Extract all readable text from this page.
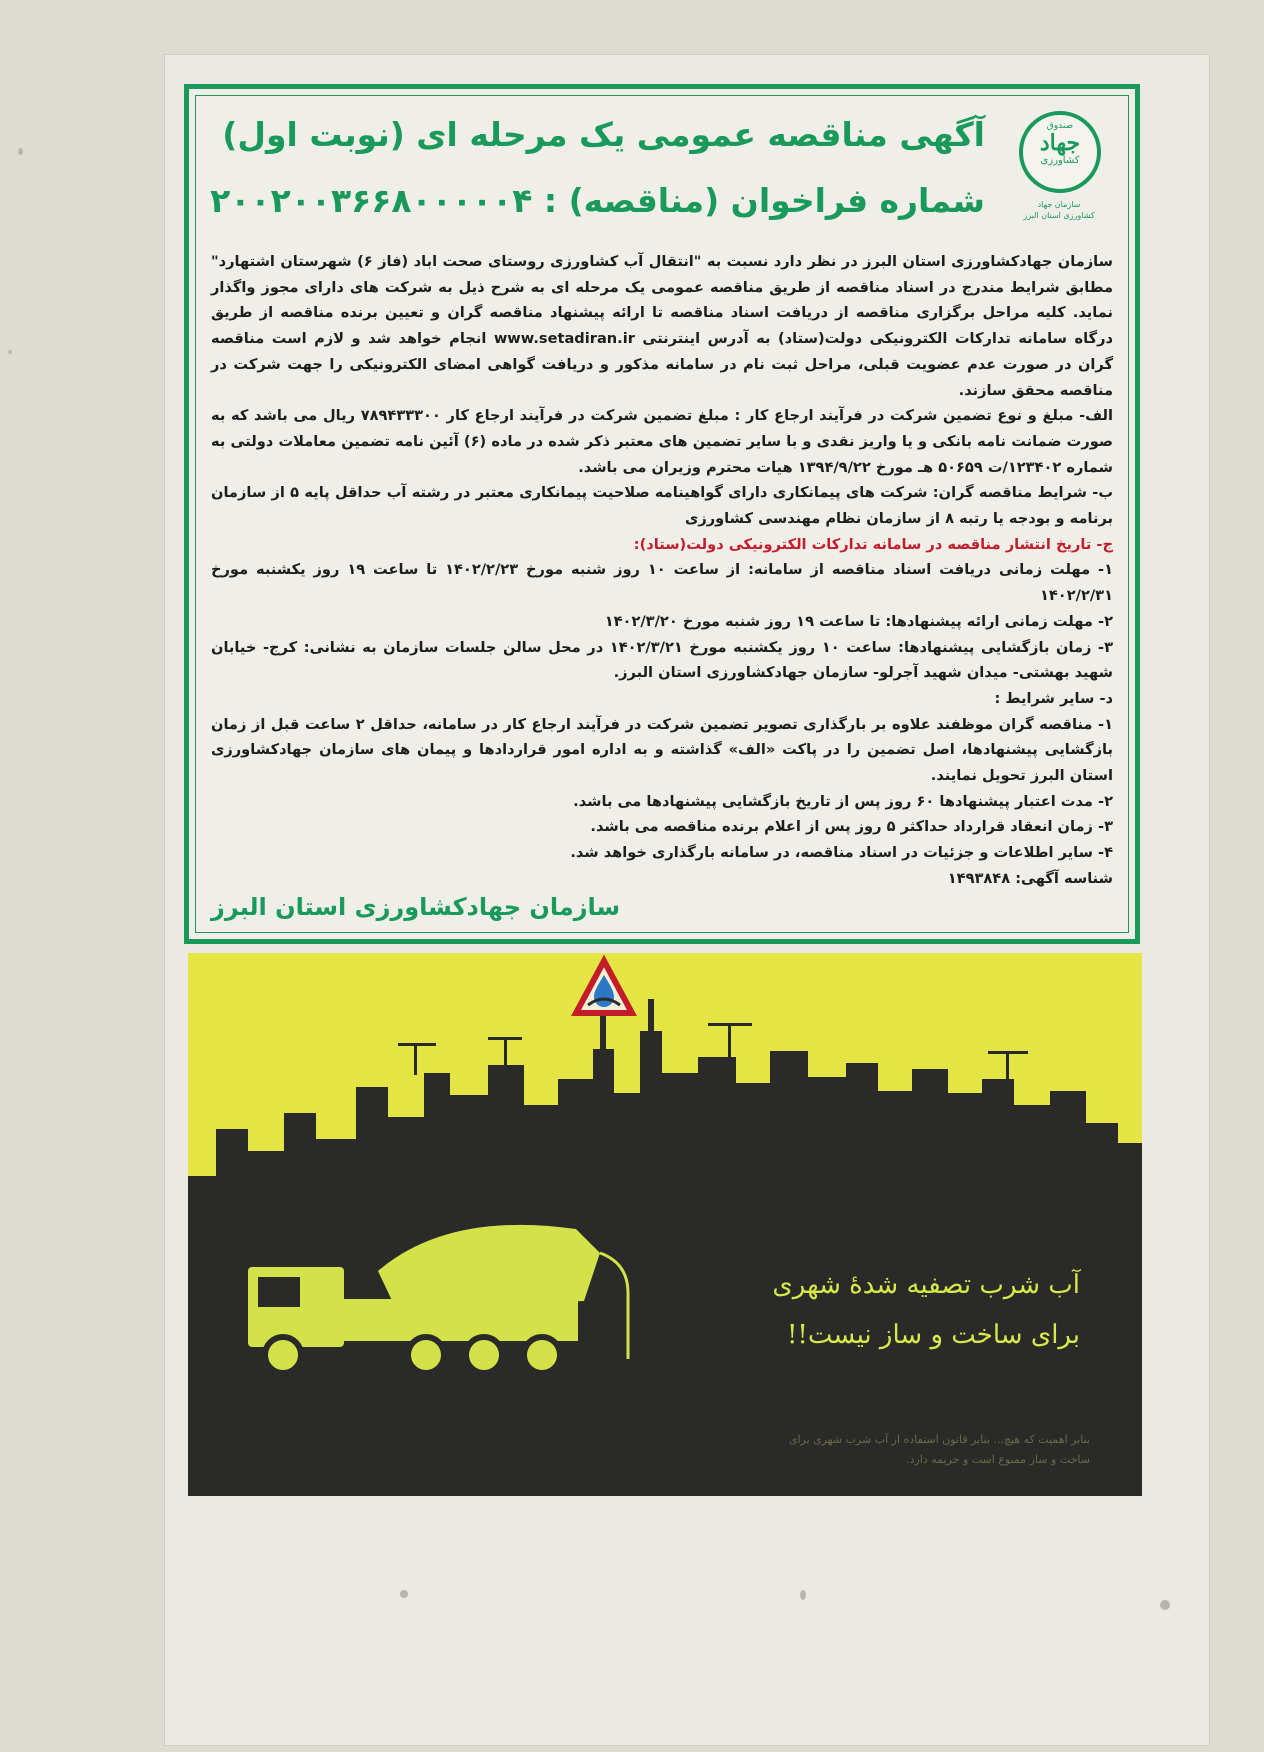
صندوق
جهاد
کشاورزی
سازمان جهاد کشاورزی استان البرز
آگهی مناقصه عمومی یک مرحله ای (نوبت اول)
شماره فراخوان (مناقصه) : ۲۰۰۲۰۰۳۶۶۸۰۰۰۰۰۴

سازمان جهادکشاورزی استان البرز در نظر دارد نسبت به "انتقال آب کشاورزی روستای صحت اباد (فاز ۶) شهرستان اشتهارد" مطابق شرایط مندرج در اسناد مناقصه از طریق مناقصه عمومی یک مرحله ای به شرح ذیل به شرکت های دارای مجوز واگذار نماید. کلیه مراحل برگزاری مناقصه از دریافت اسناد مناقصه تا ارائه پیشنهاد مناقصه گران و تعیین برنده مناقصه از طریق درگاه سامانه تدارکات الکترونیکی دولت(ستاد) به آدرس اینترنتی www.setadiran.ir انجام خواهد شد و لازم است مناقصه گران در صورت عدم عضویت قبلی، مراحل ثبت نام در سامانه مذکور و دریافت گواهی امضای الکترونیکی را جهت شرکت در مناقصه محقق سازند.

الف- مبلغ و نوع تضمین شرکت در فرآیند ارجاع کار : مبلغ تضمین شرکت در فرآیند ارجاع کار ۷۸۹۴۳۳۳۰۰ ریال می باشد که به صورت ضمانت نامه بانکی و یا واریز نقدی و با سایر تضمین های معتبر ذکر شده در ماده (۶) آئین نامه تضمین معاملات دولتی به شماره ۱۲۳۴۰۲/ت ۵۰۶۵۹ هـ مورخ ۱۳۹۴/۹/۲۲ هیات محترم وزیران می باشد.

ب- شرایط مناقصه گران: شرکت های پیمانکاری دارای گواهینامه صلاحیت پیمانکاری معتبر در رشته آب حداقل پایه ۵ از سازمان برنامه و بودجه یا رتبه ۸ از سازمان نظام مهندسی کشاورزی

ج- تاریخ انتشار مناقصه در سامانه تدارکات الکترونیکی دولت(ستاد):

۱- مهلت زمانی دریافت اسناد مناقصه از سامانه: از ساعت ۱۰ روز شنبه مورخ ۱۴۰۲/۲/۲۳ تا ساعت ۱۹ روز یکشنبه مورخ ۱۴۰۲/۲/۳۱

۲- مهلت زمانی ارائه پیشنهادها: تا ساعت ۱۹ روز شنبه مورخ ۱۴۰۲/۳/۲۰

۳- زمان بازگشایی پیشنهادها: ساعت ۱۰ روز یکشنبه مورخ ۱۴۰۲/۳/۲۱ در محل سالن جلسات سازمان به نشانی: کرج- خیابان شهید بهشتی- میدان شهید آجرلو- سازمان جهادکشاورزی استان البرز.

د- سایر شرایط :

۱- مناقصه گران موظفند علاوه بر بارگذاری تصویر تضمین شرکت در فرآیند ارجاع کار در سامانه، حداقل ۲ ساعت قبل از زمان بازگشایی پیشنهادها، اصل تضمین را در پاکت «الف» گذاشته و به اداره امور قراردادها و پیمان های سازمان جهادکشاورزی استان البرز تحویل نمایند.

۲- مدت اعتبار پیشنهادها ۶۰ روز پس از تاریخ بازگشایی پیشنهادها می باشد.

۳- زمان انعقاد قرارداد حداکثر ۵ روز پس از اعلام برنده مناقصه می باشد.

۴- سایر اطلاعات و جزئیات در اسناد مناقصه، در سامانه بارگذاری خواهد شد.

شناسه آگهی: ۱۴۹۳۸۴۸

سازمان جهادکشاورزی استان البرز
آب شرب تصفیه شدهٔ شهری
برای ساخت و ساز نیست!!
بنابر اهمیت که هیچ... بنابر قانون استفاده از آب شرب شهری برای ساخت و ساز ممنوع است و جریمه دارد.
